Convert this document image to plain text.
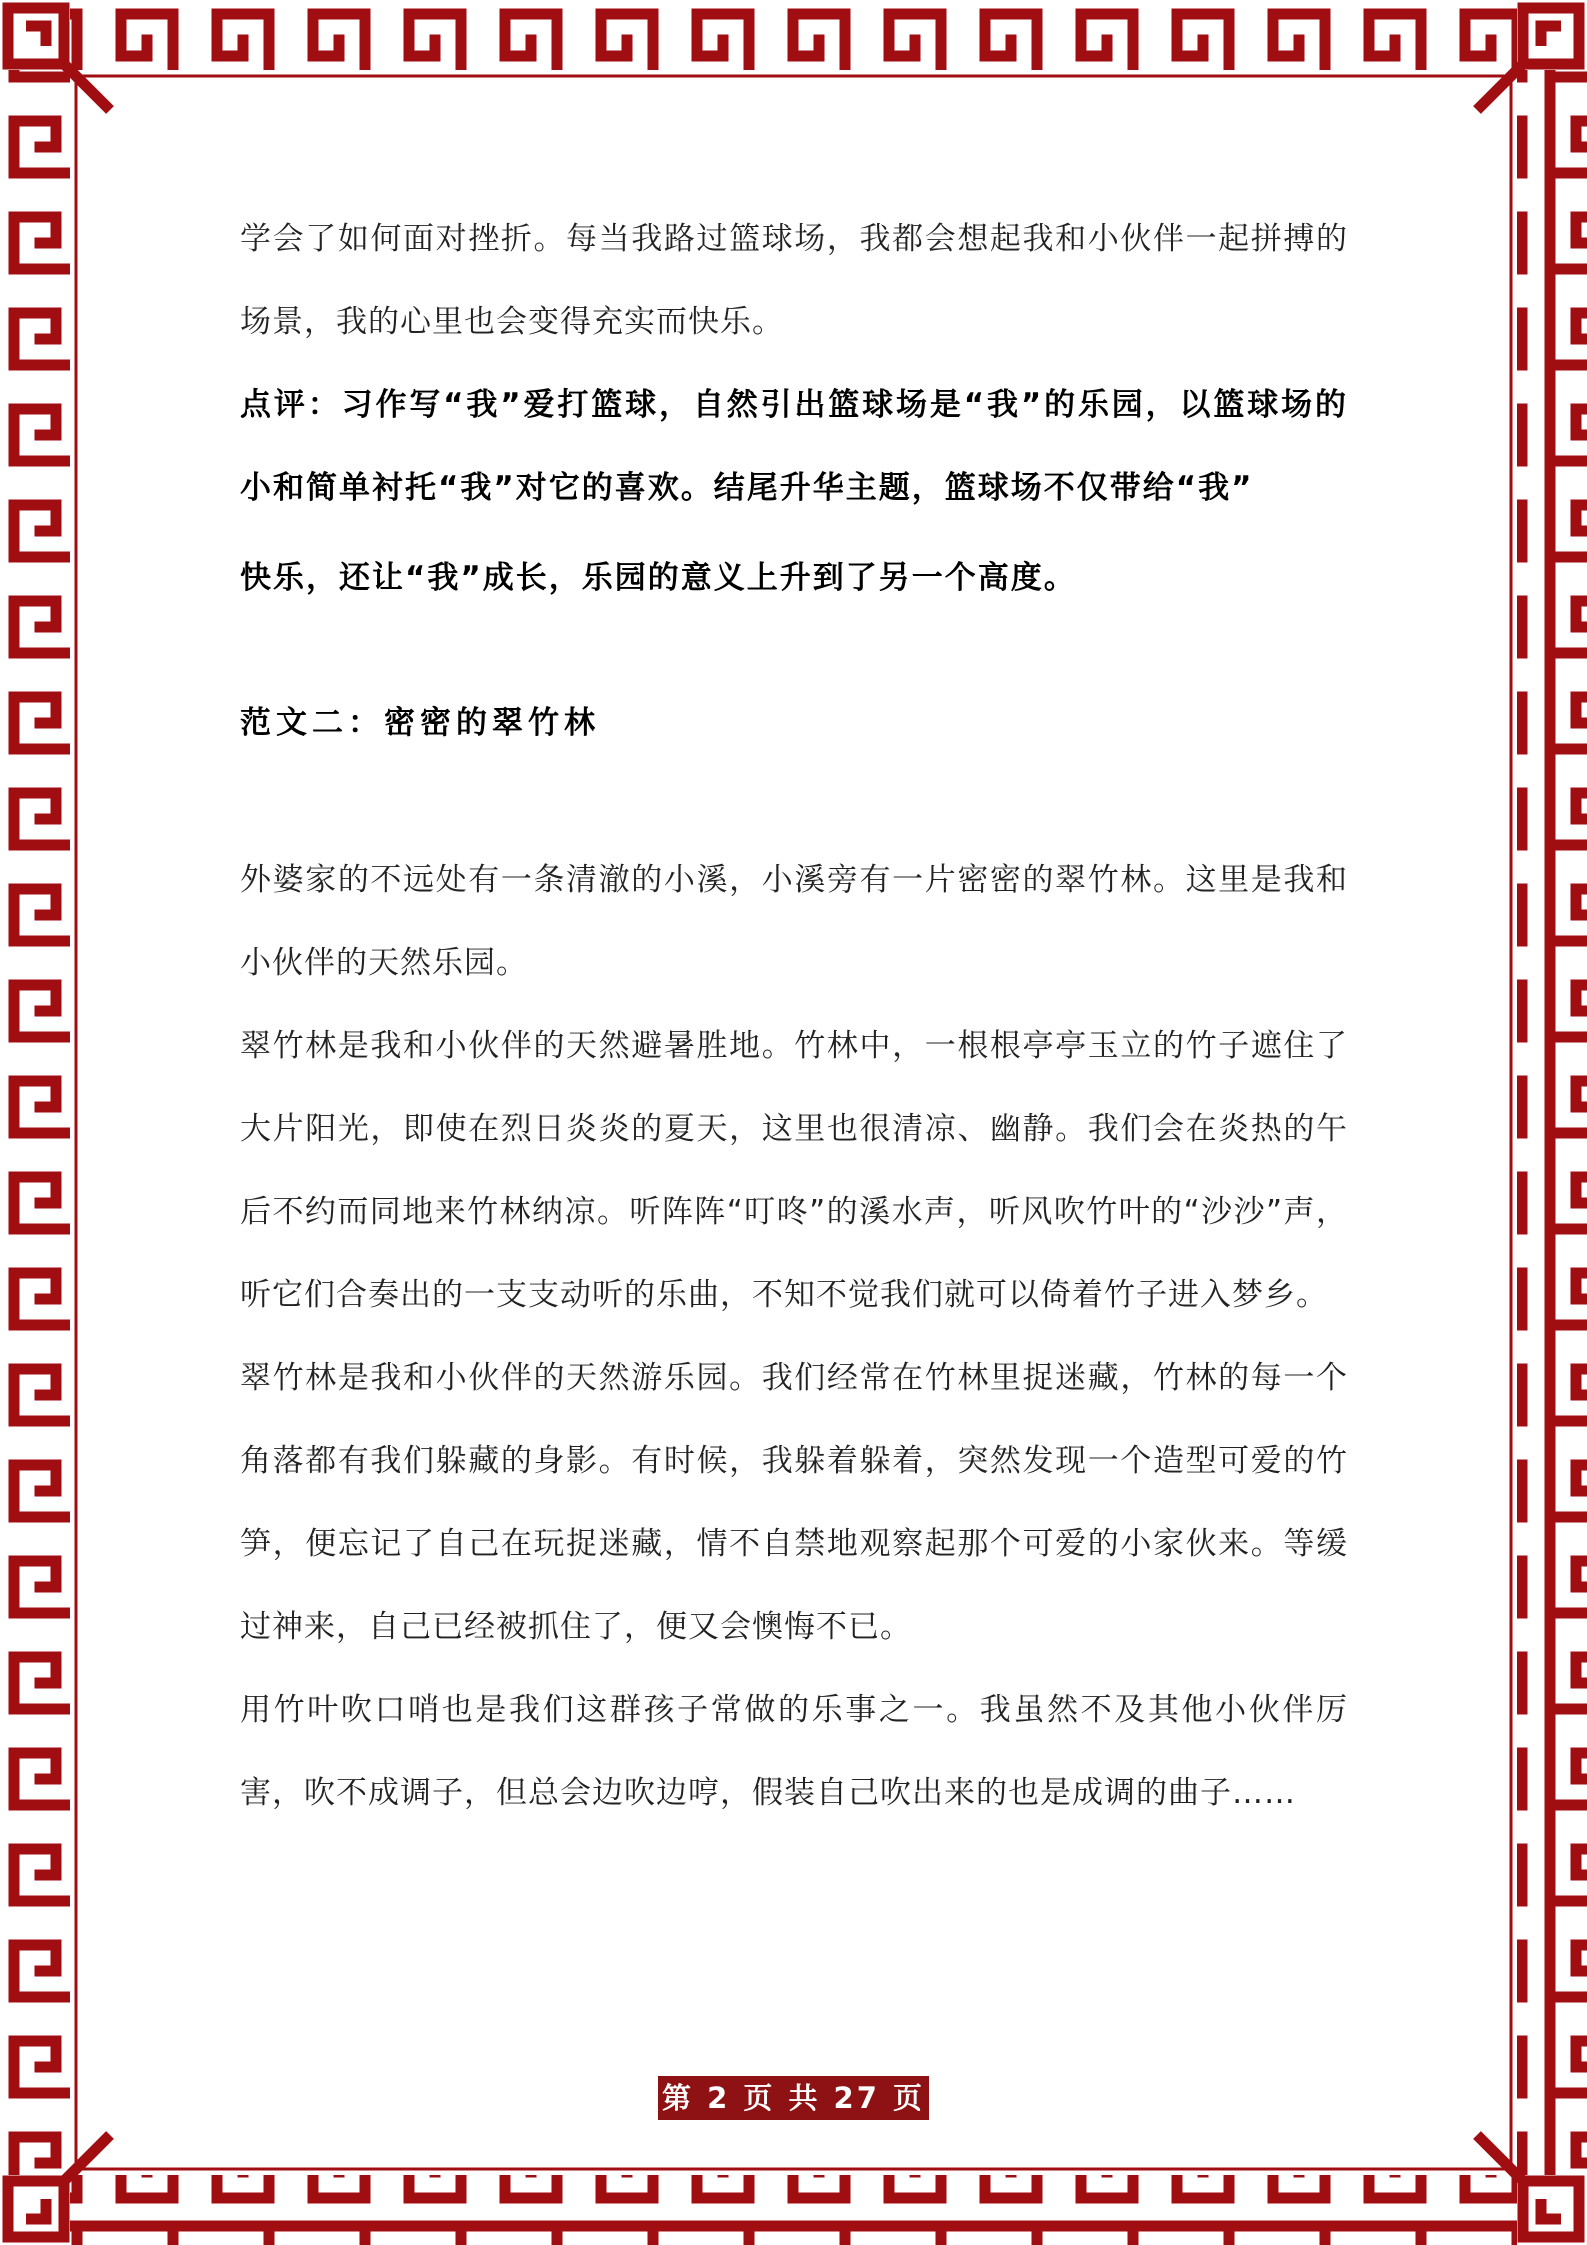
学会了如何面对挫折。每当我路过篮球场，我都会想起我和小伙伴一起拼搏的场景，我的心里也会变得充实而快乐。

点评：习作写“我”爱打篮球，自然引出篮球场是“我”的乐园，以篮球场的小和简单衬托“我”对它的喜欢。结尾升华主题，篮球场不仅带给“我”

快乐，还让“我”成长，乐园的意义上升到了另一个高度。

范文二：密密的翠竹林

外婆家的不远处有一条清澈的小溪，小溪旁有一片密密的翠竹林。这里是我和小伙伴的天然乐园。

翠竹林是我和小伙伴的天然避暑胜地。竹林中，一根根亭亭玉立的竹子遮住了大片阳光，即使在烈日炎炎的夏天，这里也很清凉、幽静。我们会在炎热的午后不约而同地来竹林纳凉。听阵阵“叮咚”的溪水声，听风吹竹叶的“沙沙”声，听它们合奏出的一支支动听的乐曲，不知不觉我们就可以倚着竹子进入梦乡。

翠竹林是我和小伙伴的天然游乐园。我们经常在竹林里捉迷藏，竹林的每一个角落都有我们躲藏的身影。有时候，我躲着躲着，突然发现一个造型可爱的竹笋，便忘记了自己在玩捉迷藏，情不自禁地观察起那个可爱的小家伙来。等缓过神来，自己已经被抓住了，便又会懊悔不已。

用竹叶吹口哨也是我们这群孩子常做的乐事之一。我虽然不及其他小伙伴厉害，吹不成调子，但总会边吹边哼，假装自己吹出来的也是成调的曲子……

第 2 页 共 27 页
